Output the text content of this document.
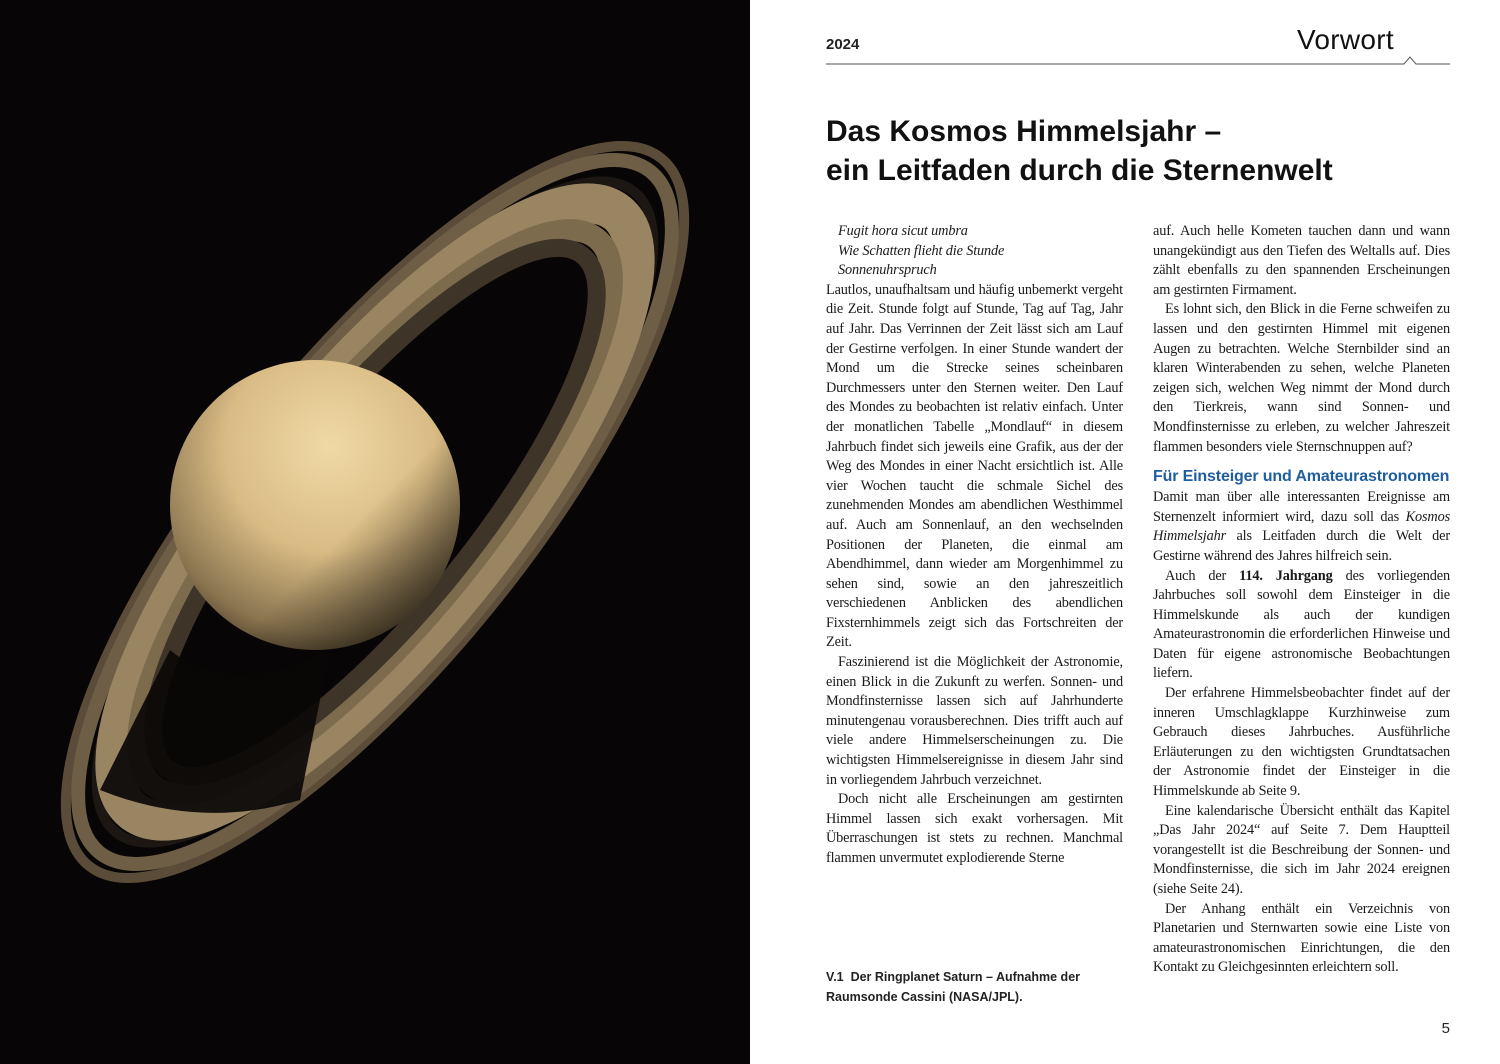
2024	Vorwort
Das Kosmos Himmelsjahr –
ein Leitfaden durch die Sternenwelt

Fugit hora sicut umbra

Wie Schatten flieht die Stunde

Sonnenuhrspruch

Lautlos, unaufhaltsam und häufig unbemerkt vergeht die Zeit. Stunde folgt auf Stunde, Tag auf Tag, Jahr auf Jahr. Das Verrinnen der Zeit lässt sich am Lauf der Gestirne verfolgen. In einer Stunde wandert der Mond um die Strecke seines scheinbaren Durchmessers unter den Sternen weiter. Den Lauf des Mondes zu beobachten ist relativ einfach. Unter der monatlichen Tabelle „Mondlauf“ in diesem Jahrbuch findet sich jeweils eine Grafik, aus der der Weg des Mondes in einer Nacht ersichtlich ist. Alle vier Wochen taucht die schmale Sichel des zunehmenden Mondes am abendlichen Westhimmel auf. Auch am Sonnenlauf, an den wechselnden Positionen der Planeten, die einmal am Abendhimmel, dann wieder am Morgenhimmel zu sehen sind, sowie an den jahreszeitlich verschiedenen Anblicken des abendlichen Fixsternhimmels zeigt sich das Fortschreiten der Zeit.

Faszinierend ist die Möglichkeit der Astronomie, einen Blick in die Zukunft zu werfen. Sonnen- und Mondfinsternisse lassen sich auf Jahrhunderte minutengenau vorausberechnen. Dies trifft auch auf viele andere Himmelserscheinungen zu. Die wichtigsten Himmelsereignisse in diesem Jahr sind in vorliegendem Jahrbuch verzeichnet.

Doch nicht alle Erscheinungen am gestirnten Himmel lassen sich exakt vorhersagen. Mit Überraschungen ist stets zu rechnen. Manchmal flammen unvermutet explodierende Sterne

V.1 Der Ringplanet Saturn – Aufnahme der Raumsonde Cassini (NASA/JPL).

auf. Auch helle Kometen tauchen dann und wann unangekündigt aus den Tiefen des Weltalls auf. Dies zählt ebenfalls zu den spannenden Erscheinungen am gestirnten Firmament.

Es lohnt sich, den Blick in die Ferne schweifen zu lassen und den gestirnten Himmel mit eigenen Augen zu betrachten. Welche Sternbilder sind an klaren Winterabenden zu sehen, welche Planeten zeigen sich, welchen Weg nimmt der Mond durch den Tierkreis, wann sind Sonnen- und Mondfinsternisse zu erleben, zu welcher Jahreszeit flammen besonders viele Sternschnuppen auf?

Für Einsteiger und Amateurastronomen

Damit man über alle interessanten Ereignisse am Sternenzelt informiert wird, dazu soll das Kosmos Himmelsjahr als Leitfaden durch die Welt der Gestirne während des Jahres hilfreich sein.

Auch der 114. Jahrgang des vorliegenden Jahrbuches soll sowohl dem Einsteiger in die Himmelskunde als auch der kundigen Amateurastronomin die erforderlichen Hinweise und Daten für eigene astronomische Beobachtungen liefern.

Der erfahrene Himmelsbeobachter findet auf der inneren Umschlagklappe Kurzhinweise zum Gebrauch dieses Jahrbuches. Ausführliche Erläuterungen zu den wichtigsten Grundtatsachen der Astronomie findet der Einsteiger in die Himmelskunde ab Seite 9.

Eine kalendarische Übersicht enthält das Kapitel „Das Jahr 2024“ auf Seite 7. Dem Hauptteil vorangestellt ist die Beschreibung der Sonnen- und Mondfinsternisse, die sich im Jahr 2024 ereignen (siehe Seite 24).

Der Anhang enthält ein Verzeichnis von Planetarien und Sternwarten sowie eine Liste von amateurastronomischen Einrichtungen, die den Kontakt zu Gleichgesinnten erleichtern soll.

5
